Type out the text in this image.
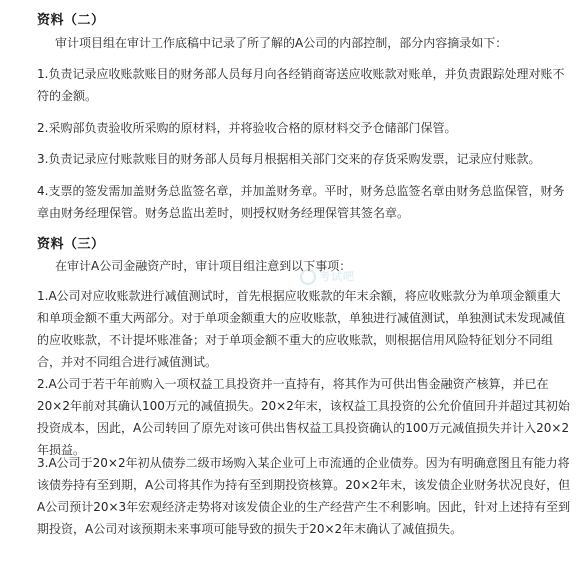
考试吧
资料（二）

审计项目组在审计工作底稿中记录了所了解的A公司的内部控制，部分内容摘录如下：

1.负责记录应收账款账目的财务部人员每月向各经销商寄送应收账款对账单，并负责跟踪处理对账不符的金额。

2.采购部负责验收所采购的原材料，并将验收合格的原材料交予仓储部门保管。

3.负责记录应付账款账目的财务部人员每月根据相关部门交来的存货采购发票，记录应付账款。

4.支票的签发需加盖财务总监签名章，并加盖财务章。平时，财务总监签名章由财务总监保管，财务章由财务经理保管。财务总监出差时，则授权财务经理保管其签名章。

资料（三）

在审计A公司金融资产时，审计项目组注意到以下事项：

1.A公司对应收账款进行减值测试时，首先根据应收账款的年末余额，将应收账款分为单项金额重大和单项金额不重大两部分。对于单项金额重大的应收账款，单独进行减值测试，单独测试未发现减值的应收账款，不计提坏账准备；对于单项金额不重大的应收账款，则根据信用风险特征划分不同组合，并对不同组合进行减值测试。

2.A公司于若干年前购入一项权益工具投资并一直持有，将其作为可供出售金融资产核算，并已在20×2年前对其确认100万元的减值损失。20×2年末，该权益工具投资的公允价值回升并超过其初始投资成本，因此，A公司转回了原先对该可供出售权益工具投资确认的100万元减值损失并计入20×2年损益。

3.A公司于20×2年初从债券二级市场购入某企业可上市流通的企业债券。因为有明确意图且有能力将该债券持有至到期，A公司将其作为持有至到期投资核算。20×2年末，该发债企业财务状况良好，但A公司预计20×3年宏观经济走势将对该发债企业的生产经营产生不利影响。因此，针对上述持有至到期投资，A公司对该预期未来事项可能导致的损失于20×2年末确认了减值损失。
